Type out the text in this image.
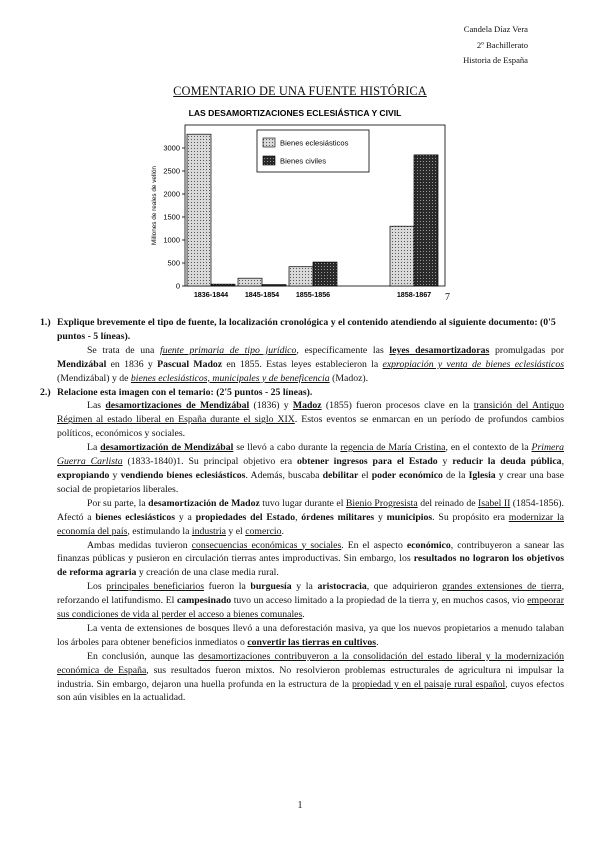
Candela Díaz Vera
2º Bachillerato
Historia de España
COMENTARIO DE UNA FUENTE HISTÓRICA
LAS DESAMORTIZACIONES ECLESIÁSTICA Y CIVIL
0
500
1000
1500
2000
2500
3000
Millones de reales de vellón
1836-1844 1845-1854 1855-1856	1858-1867
Bienes eclesiásticos
Bienes civiles
7
1.) Explique brevemente el tipo de fuente, la localización cronológica y el contenido atendiendo al siguiente documento: (0'5 puntos - 5 líneas).

Se trata de una fuente primaria de tipo jurídico, específicamente las leyes desamortizadoras promulgadas por Mendizábal en 1836 y Pascual Madoz en 1855. Estas leyes establecieron la expropiación y venta de bienes eclesiásticos (Mendizábal) y de bienes eclesiásticos, municipales y de beneficencia (Madoz).

2.) Relacione esta imagen con el temario: (2'5 puntos - 25 líneas).

Las desamortizaciones de Mendizábal (1836) y Madoz (1855) fueron procesos clave en la transición del Antiguo Régimen al estado liberal en España durante el siglo XIX. Estos eventos se enmarcan en un período de profundos cambios políticos, económicos y sociales.

La desamortización de Mendizábal se llevó a cabo durante la regencia de María Cristina, en el contexto de la Primera Guerra Carlista (1833-1840)1. Su principal objetivo era obtener ingresos para el Estado y reducir la deuda pública, expropiando y vendiendo bienes eclesiásticos. Además, buscaba debilitar el poder económico de la Iglesia y crear una base social de propietarios liberales.

Por su parte, la desamortización de Madoz tuvo lugar durante el Bienio Progresista del reinado de Isabel II (1854-1856). Afectó a bienes eclesiásticos y a propiedades del Estado, órdenes militares y municipios. Su propósito era modernizar la economía del país, estimulando la industria y el comercio.

Ambas medidas tuvieron consecuencias económicas y sociales. En el aspecto económico, contribuyeron a sanear las finanzas públicas y pusieron en circulación tierras antes improductivas. Sin embargo, los resultados no lograron los objetivos de reforma agraria y creación de una clase media rural.

Los principales beneficiarios fueron la burguesía y la aristocracia, que adquirieron grandes extensiones de tierra, reforzando el latifundismo. El campesinado tuvo un acceso limitado a la propiedad de la tierra y, en muchos casos, vio empeorar sus condiciones de vida al perder el acceso a bienes comunales.

La venta de extensiones de bosques llevó a una deforestación masiva, ya que los nuevos propietarios a menudo talaban los árboles para obtener beneficios inmediatos o convertir las tierras en cultivos.

En conclusión, aunque las desamortizaciones contribuyeron a la consolidación del estado liberal y la modernización económica de España, sus resultados fueron mixtos. No resolvieron problemas estructurales de agricultura ni impulsar la industria. Sin embargo, dejaron una huella profunda en la estructura de la propiedad y en el paisaje rural español, cuyos efectos son aún visibles en la actualidad.

1
